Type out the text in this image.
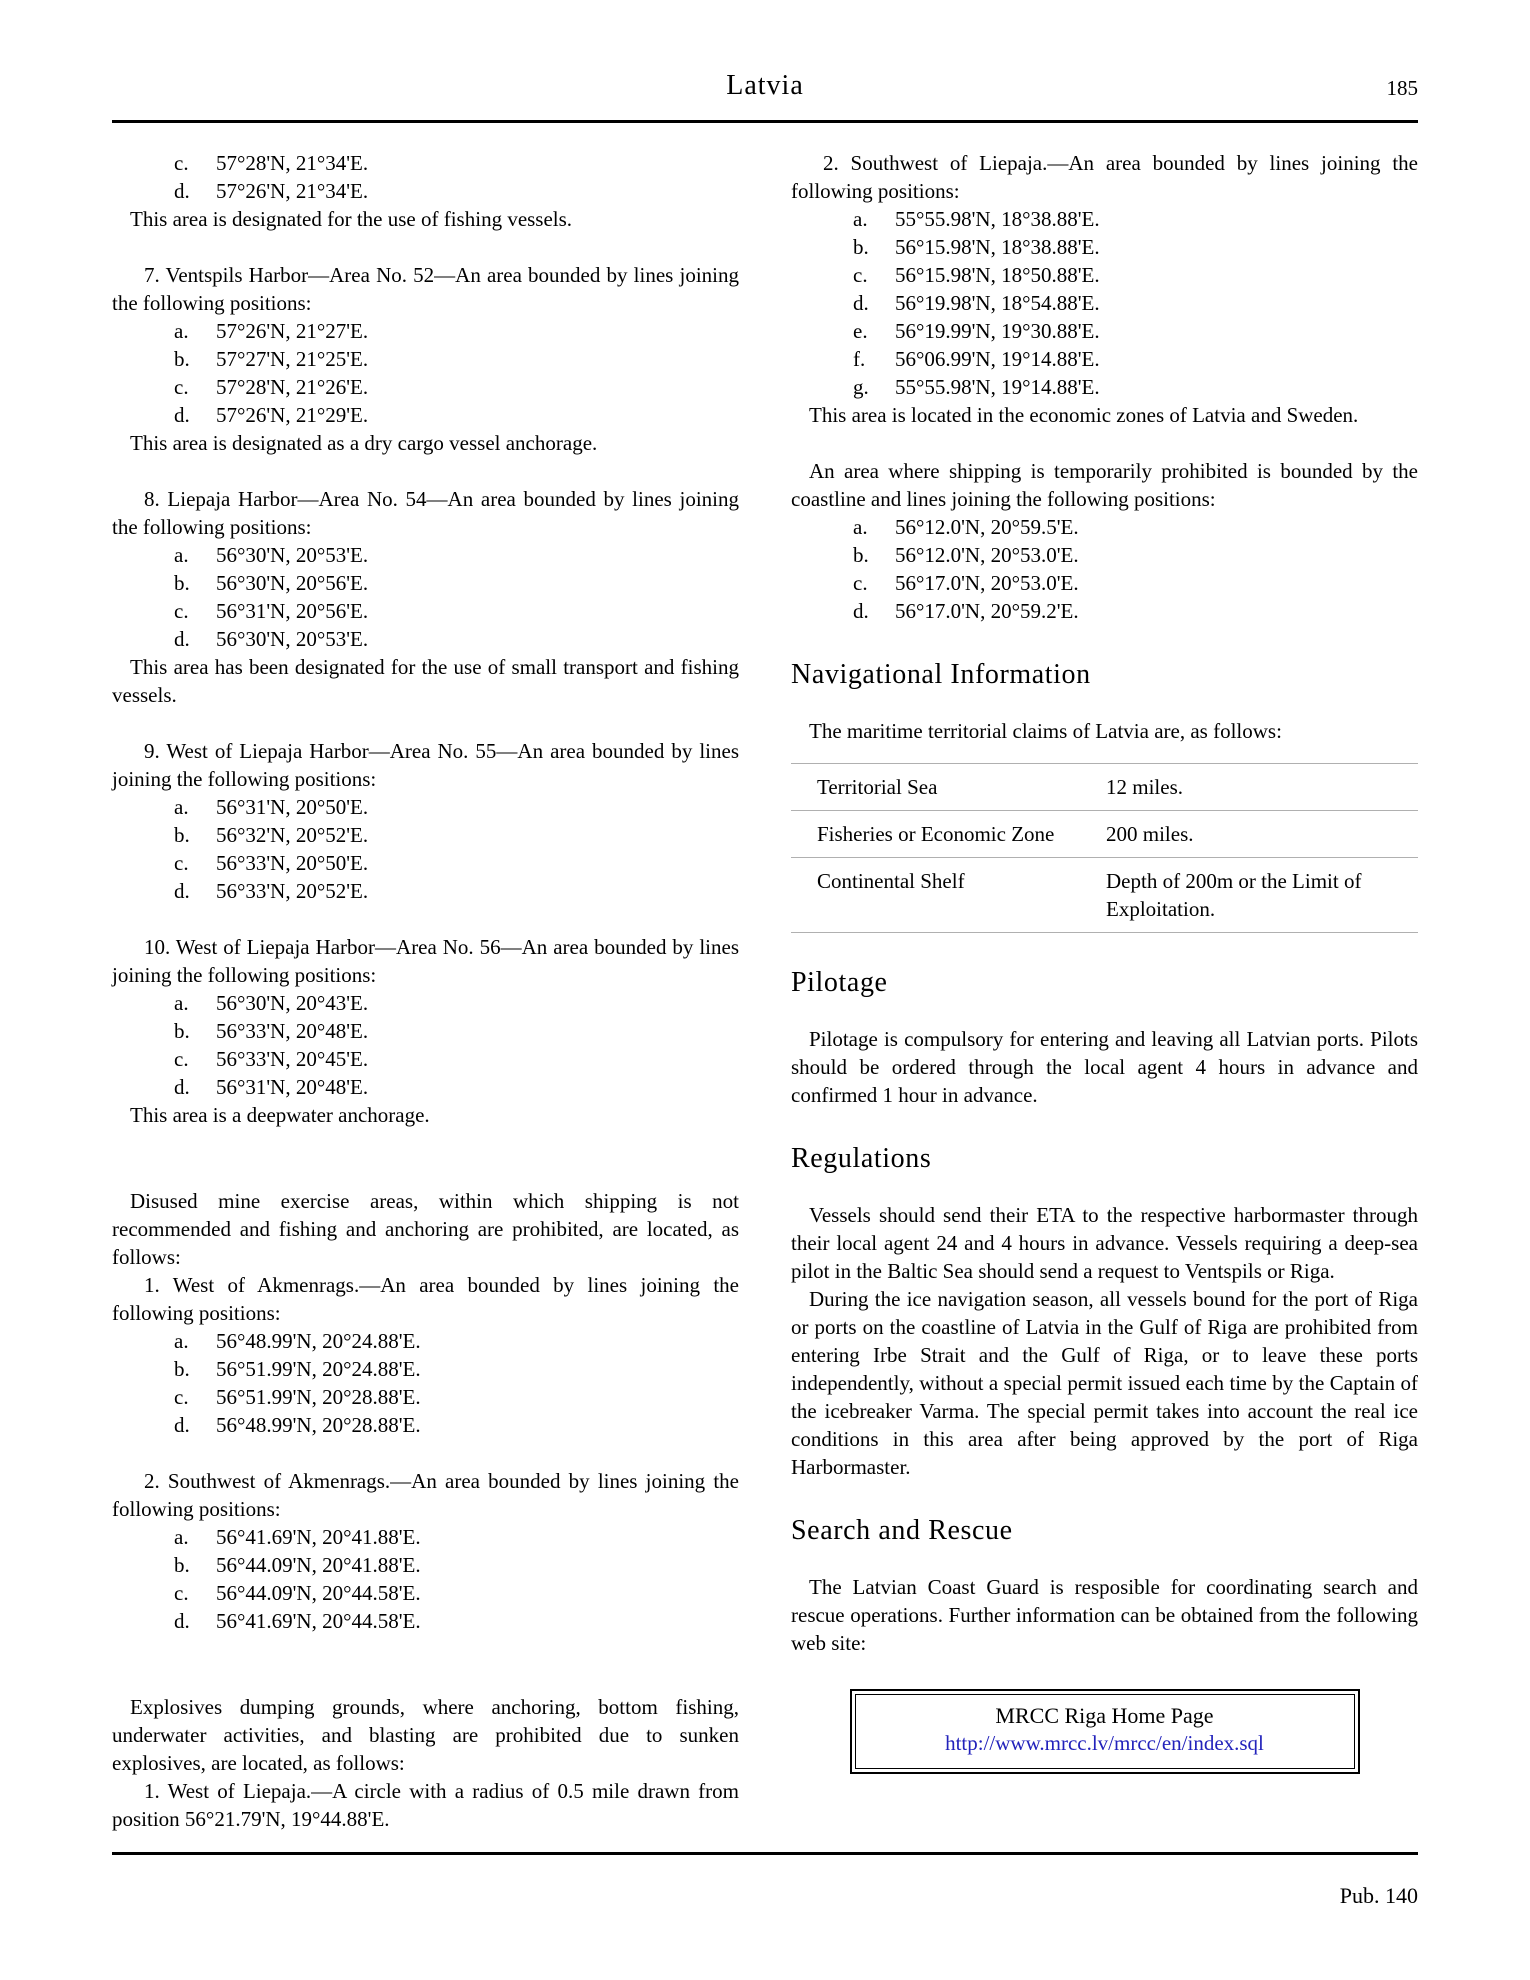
Latvia	185
c. 57°28'N, 21°34'E.
d. 57°26'N, 21°34'E.

This area is designated for the use of fishing vessels.

7. Ventspils Harbor—Area No. 52—An area bounded by lines joining the following positions:

a. 57°26'N, 21°27'E.
b. 57°27'N, 21°25'E.
c. 57°28'N, 21°26'E.
d. 57°26'N, 21°29'E.

This area is designated as a dry cargo vessel anchorage.

8. Liepaja Harbor—Area No. 54—An area bounded by lines joining the following positions:

a. 56°30'N, 20°53'E.
b. 56°30'N, 20°56'E.
c. 56°31'N, 20°56'E.
d. 56°30'N, 20°53'E.

This area has been designated for the use of small transport and fishing vessels.

9. West of Liepaja Harbor—Area No. 55—An area bounded by lines joining the following positions:

a. 56°31'N, 20°50'E.
b. 56°32'N, 20°52'E.
c. 56°33'N, 20°50'E.
d. 56°33'N, 20°52'E.

10. West of Liepaja Harbor—Area No. 56—An area bounded by lines joining the following positions:

a. 56°30'N, 20°43'E.
b. 56°33'N, 20°48'E.
c. 56°33'N, 20°45'E.
d. 56°31'N, 20°48'E.

This area is a deepwater anchorage.

Disused mine exercise areas, within which shipping is not recommended and fishing and anchoring are prohibited, are located, as follows:

1. West of Akmenrags.—An area bounded by lines joining the following positions:

a. 56°48.99'N, 20°24.88'E.
b. 56°51.99'N, 20°24.88'E.
c. 56°51.99'N, 20°28.88'E.
d. 56°48.99'N, 20°28.88'E.

2. Southwest of Akmenrags.—An area bounded by lines joining the following positions:

a. 56°41.69'N, 20°41.88'E.
b. 56°44.09'N, 20°41.88'E.
c. 56°44.09'N, 20°44.58'E.
d. 56°41.69'N, 20°44.58'E.

Explosives dumping grounds, where anchoring, bottom fishing, underwater activities, and blasting are prohibited due to sunken explosives, are located, as follows:

1. West of Liepaja.—A circle with a radius of 0.5 mile drawn from position 56°21.79'N, 19°44.88'E.

2. Southwest of Liepaja.—An area bounded by lines joining the following positions:

a. 55°55.98'N, 18°38.88'E.
b. 56°15.98'N, 18°38.88'E.
c. 56°15.98'N, 18°50.88'E.
d. 56°19.98'N, 18°54.88'E.
e. 56°19.99'N, 19°30.88'E.
f. 56°06.99'N, 19°14.88'E.
g. 55°55.98'N, 19°14.88'E.

This area is located in the economic zones of Latvia and Sweden.

An area where shipping is temporarily prohibited is bounded by the coastline and lines joining the following positions:

a. 56°12.0'N, 20°59.5'E.
b. 56°12.0'N, 20°53.0'E.
c. 56°17.0'N, 20°53.0'E.
d. 56°17.0'N, 20°59.2'E.
Navigational Information

The maritime territorial claims of Latvia are, as follows:

Territorial Sea	12 miles.
Fisheries or Economic Zone	200 miles.
Continental Shelf	Depth of 200m or the Limit of Exploitation.
Pilotage

Pilotage is compulsory for entering and leaving all Latvian ports. Pilots should be ordered through the local agent 4 hours in advance and confirmed 1 hour in advance.

Regulations

Vessels should send their ETA to the respective harbormaster through their local agent 24 and 4 hours in advance. Vessels requiring a deep-sea pilot in the Baltic Sea should send a request to Ventspils or Riga.

During the ice navigation season, all vessels bound for the port of Riga or ports on the coastline of Latvia in the Gulf of Riga are prohibited from entering Irbe Strait and the Gulf of Riga, or to leave these ports independently, without a special permit issued each time by the Captain of the icebreaker Varma. The special permit takes into account the real ice conditions in this area after being approved by the port of Riga Harbormaster.

Search and Rescue

The Latvian Coast Guard is resposible for coordinating search and rescue operations. Further information can be obtained from the following web site:

MRCC Riga Home Page
http://www.mrcc.lv/mrcc/en/index.sql
Pub. 140
